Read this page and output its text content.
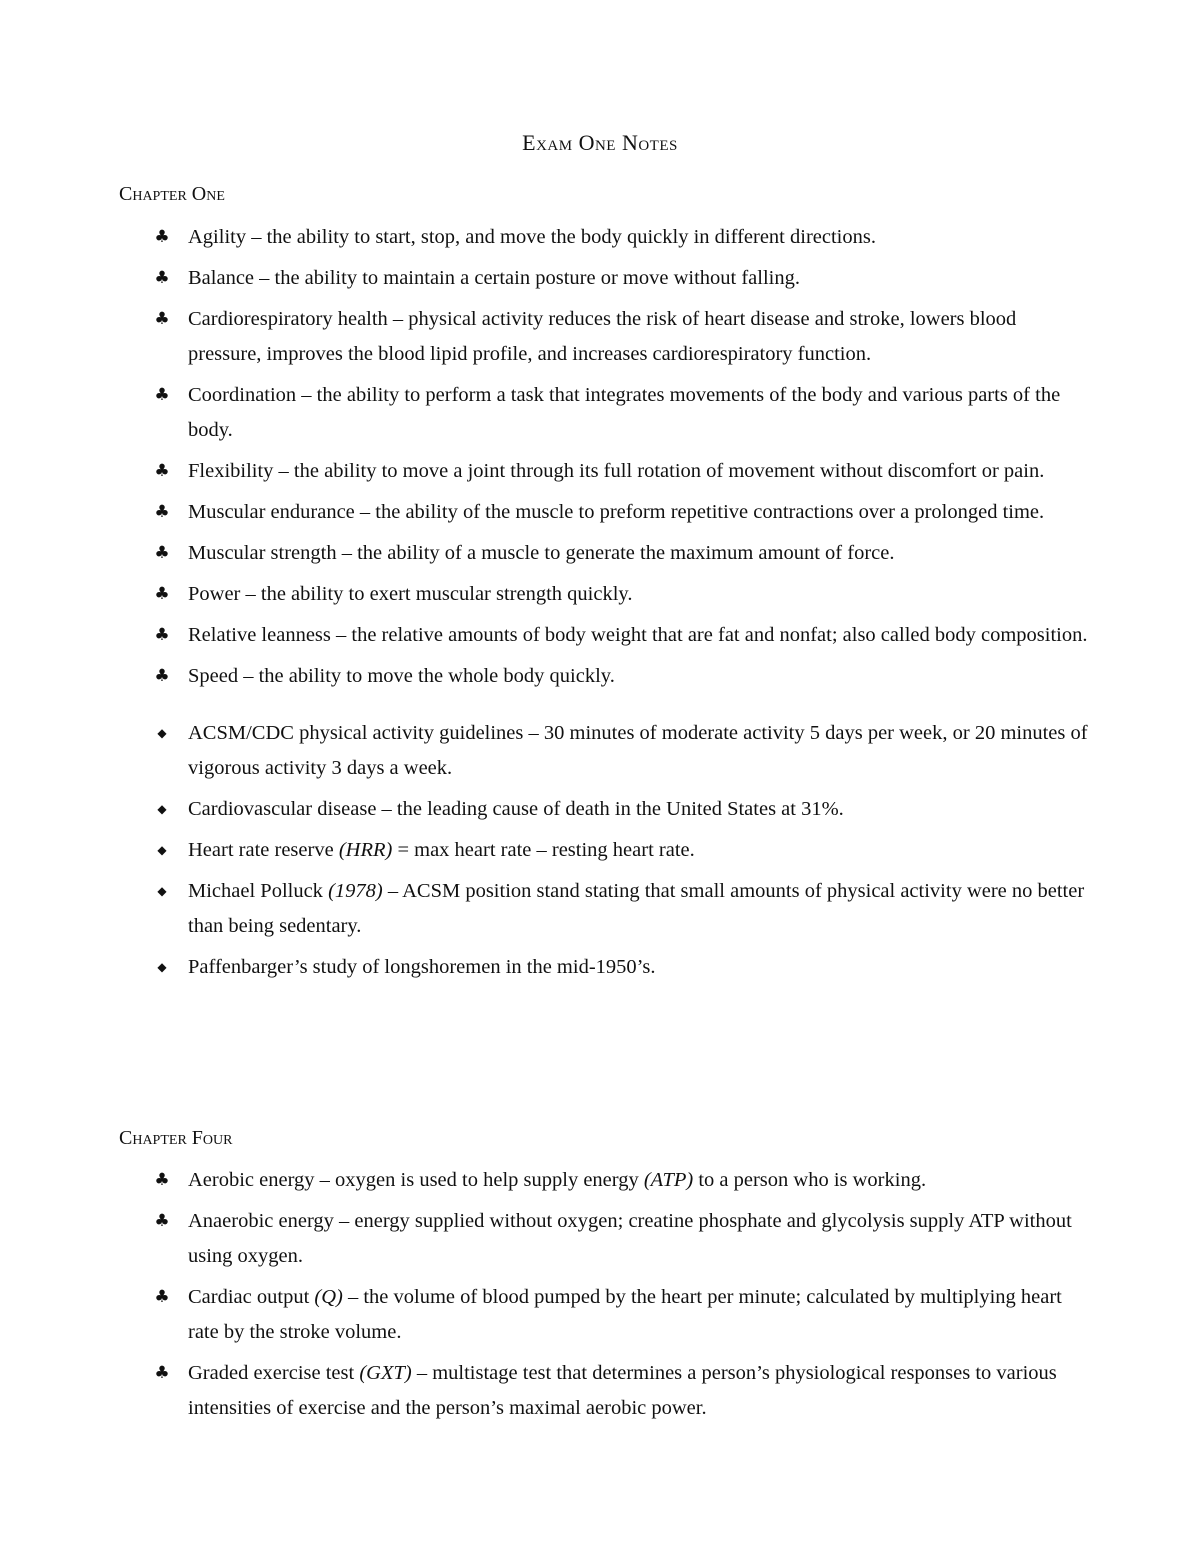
Exam One Notes
Chapter One
♣ Agility – the ability to start, stop, and move the body quickly in different directions.
♣ Balance – the ability to maintain a certain posture or move without falling.
♣ Cardiorespiratory health – physical activity reduces the risk of heart disease and stroke, lowers blood pressure, improves the blood lipid profile, and increases cardiorespiratory function.
♣ Coordination – the ability to perform a task that integrates movements of the body and various parts of the body.
♣ Flexibility – the ability to move a joint through its full rotation of movement without discomfort or pain.
♣ Muscular endurance – the ability of the muscle to preform repetitive contractions over a prolonged time.
♣ Muscular strength – the ability of a muscle to generate the maximum amount of force.
♣ Power – the ability to exert muscular strength quickly.
♣ Relative leanness – the relative amounts of body weight that are fat and nonfat; also called body composition.
♣ Speed – the ability to move the whole body quickly.
◆ ACSM/CDC physical activity guidelines – 30 minutes of moderate activity 5 days per week, or 20 minutes of vigorous activity 3 days a week.
◆ Cardiovascular disease – the leading cause of death in the United States at 31%.
◆ Heart rate reserve (HRR) = max heart rate – resting heart rate.
◆ Michael Polluck (1978) – ACSM position stand stating that small amounts of physical activity were no better than being sedentary.
◆ Paffenbarger’s study of longshoremen in the mid-1950’s.
Chapter Four
♣ Aerobic energy – oxygen is used to help supply energy (ATP) to a person who is working.
♣ Anaerobic energy – energy supplied without oxygen; creatine phosphate and glycolysis supply ATP without using oxygen.
♣ Cardiac output (Q) – the volume of blood pumped by the heart per minute; calculated by multiplying heart rate by the stroke volume.
♣ Graded exercise test (GXT) – multistage test that determines a person’s physiological responses to various intensities of exercise and the person’s maximal aerobic power.
